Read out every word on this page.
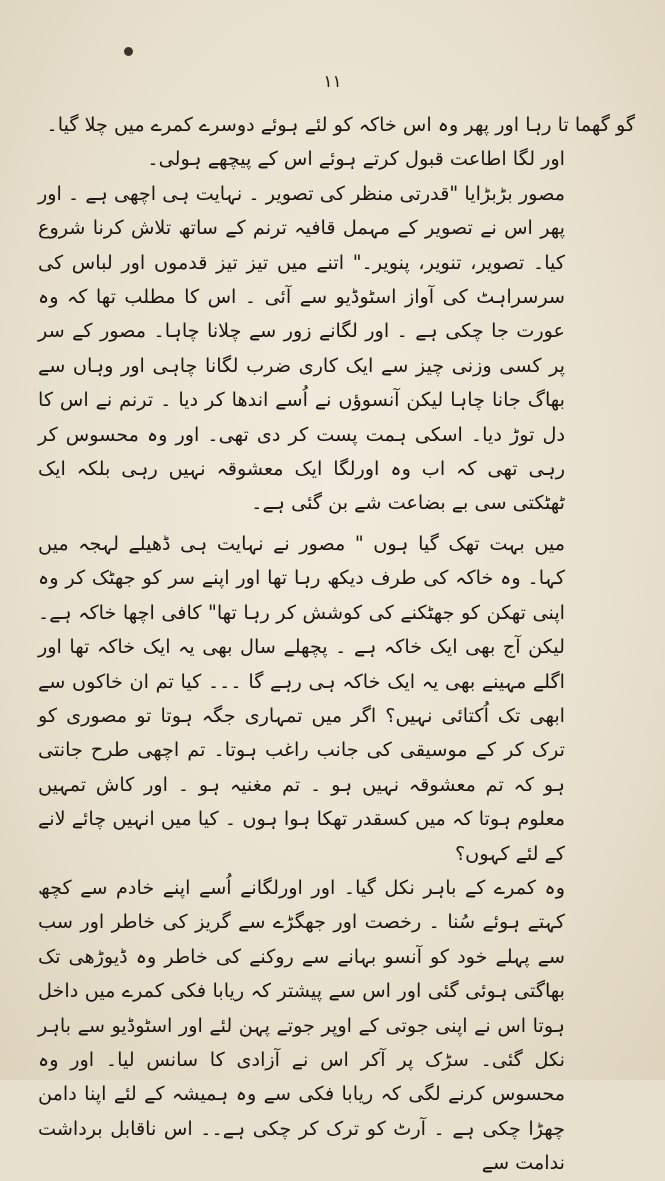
۱۱

گو گھما تا رہا اور پھر وہ اس خاکہ کو لئے ہوئے دوسرے کمرے میں چلا گیا۔

اور لگا اطاعت قبول کرتے ہوئے اس کے پیچھے ہولی۔

مصور بڑبڑایا "قدرتی منظر کی تصویر ۔ نہایت ہی اچھی ہے ۔ اور پھر اس نے تصویر کے مہمل قافیہ ترنم کے ساتھ تلاش کرنا شروع کیا۔ تصویر، تنویر، پنویر۔" اتنے میں تیز تیز قدموں اور لباس کی سرسراہٹ کی آواز اسٹوڈیو سے آئی ۔ اس کا مطلب تھا کہ وہ عورت جا چکی ہے ۔ اور لگانے زور سے چلانا چاہا۔ مصور کے سر پر کسی وزنی چیز سے ایک کاری ضرب لگانا چاہی اور وہاں سے بھاگ جانا چاہا لیکن آنسوؤں نے اُسے اندھا کر دیا ۔ ترنم نے اس کا دل توڑ دیا۔ اسکی ہمت پست کر دی تھی۔ اور وہ محسوس کر رہی تھی کہ اب وہ اورلگا ایک معشوقہ نہیں رہی بلکہ ایک ٹھٹکتی سی بے بضاعت شے بن گئی ہے۔

میں بہت تھک گیا ہوں " مصور نے نہایت ہی ڈھیلے لہجہ میں کہا۔ وہ خاکہ کی طرف دیکھ رہا تھا اور اپنے سر کو جھٹک کر وہ اپنی تھکن کو جھٹکنے کی کوشش کر رہا تھا" کافی اچھا خاکہ ہے۔ لیکن آج بھی ایک خاکہ ہے ۔ پچھلے سال بھی یہ ایک خاکہ تھا اور اگلے مہینے بھی یہ ایک خاکہ ہی رہے گا ۔۔۔ کیا تم ان خاکوں سے ابھی تک اُکتائی نہیں؟ اگر میں تمہاری جگہ ہوتا تو مصوری کو ترک کر کے موسیقی کی جانب راغب ہوتا۔ تم اچھی طرح جانتی ہو کہ تم معشوقہ نہیں ہو ۔ تم مغنیہ ہو ۔ اور کاش تمہیں معلوم ہوتا کہ میں کسقدر تھکا ہوا ہوں ۔ کیا میں انہیں چائے لانے کے لئے کہوں؟

وہ کمرے کے باہر نکل گیا۔ اور اورلگانے اُسے اپنے خادم سے کچھ کہتے ہوئے سُنا ۔ رخصت اور جھگڑے سے گریز کی خاطر اور سب سے پہلے خود کو آنسو بہانے سے روکنے کی خاطر وہ ڈیوڑھی تک بھاگتی ہوئی گئی اور اس سے پیشتر کہ ریابا فکی کمرے میں داخل ہوتا اس نے اپنی جوتی کے اوپر جوتے پہن لئے اور اسٹوڈیو سے باہر نکل گئی۔ سڑک پر آکر اس نے آزادی کا سانس لیا۔ اور وہ محسوس کرنے لگی کہ ریابا فکی سے وہ ہمیشہ کے لئے اپنا دامن چھڑا چکی ہے ۔ آرٹ کو ترک کر چکی ہے۔۔ اس ناقابل برداشت ندامت سے
